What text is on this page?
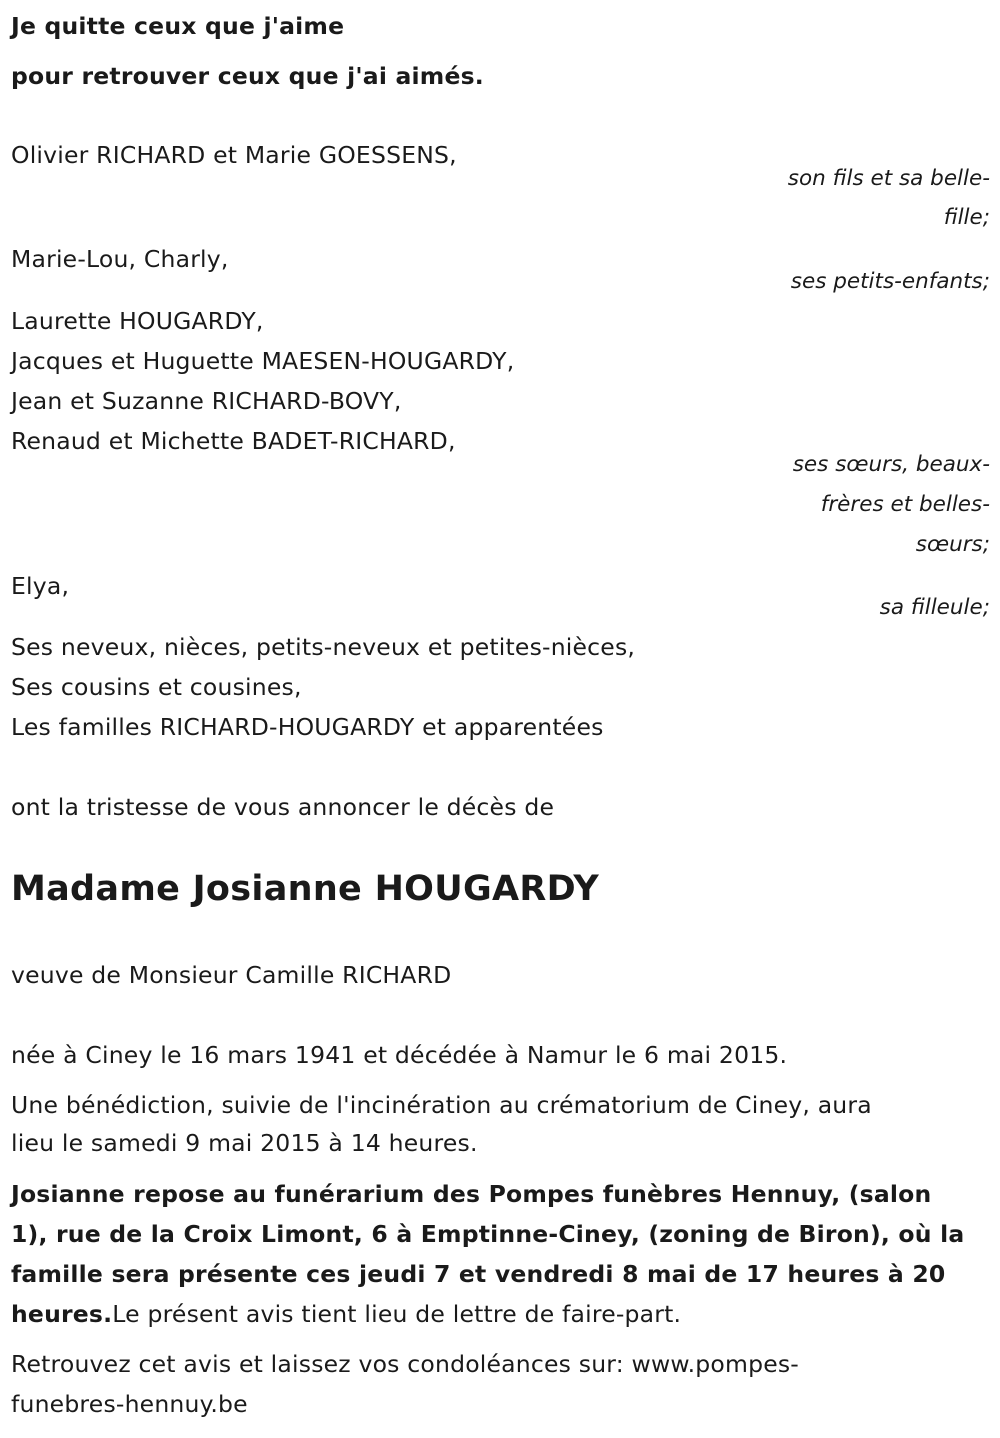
Je quitte ceux que j'aime
pour retrouver ceux que j'ai aimés.
Olivier RICHARD et Marie GOESSENS,
son fils et sa belle-
fille;
Marie-Lou, Charly,
ses petits-enfants;
Laurette HOUGARDY,
Jacques et Huguette MAESEN-HOUGARDY,
Jean et Suzanne RICHARD-BOVY,
Renaud et Michette BADET-RICHARD,
ses sœurs, beaux-
frères et belles-
sœurs;
Elya,
sa filleule;
Ses neveux, nièces, petits-neveux et petites-nièces,
Ses cousins et cousines,
Les familles RICHARD-HOUGARDY et apparentées
ont la tristesse de vous annoncer le décès de
Madame Josianne HOUGARDY
veuve de Monsieur Camille RICHARD
née à Ciney le 16 mars 1941 et décédée à Namur le 6 mai 2015.
Une bénédiction, suivie de l'incinération au crématorium de Ciney, aura
lieu le samedi 9 mai 2015 à 14 heures.
Josianne repose au funérarium des Pompes funèbres Hennuy, (salon
1), rue de la Croix Limont, 6 à Emptinne-Ciney, (zoning de Biron), où la
famille sera présente ces jeudi 7 et vendredi 8 mai de 17 heures à 20
heures.Le présent avis tient lieu de lettre de faire-part.
Retrouvez cet avis et laissez vos condoléances sur: www.pompes-
funebres-hennuy.be
